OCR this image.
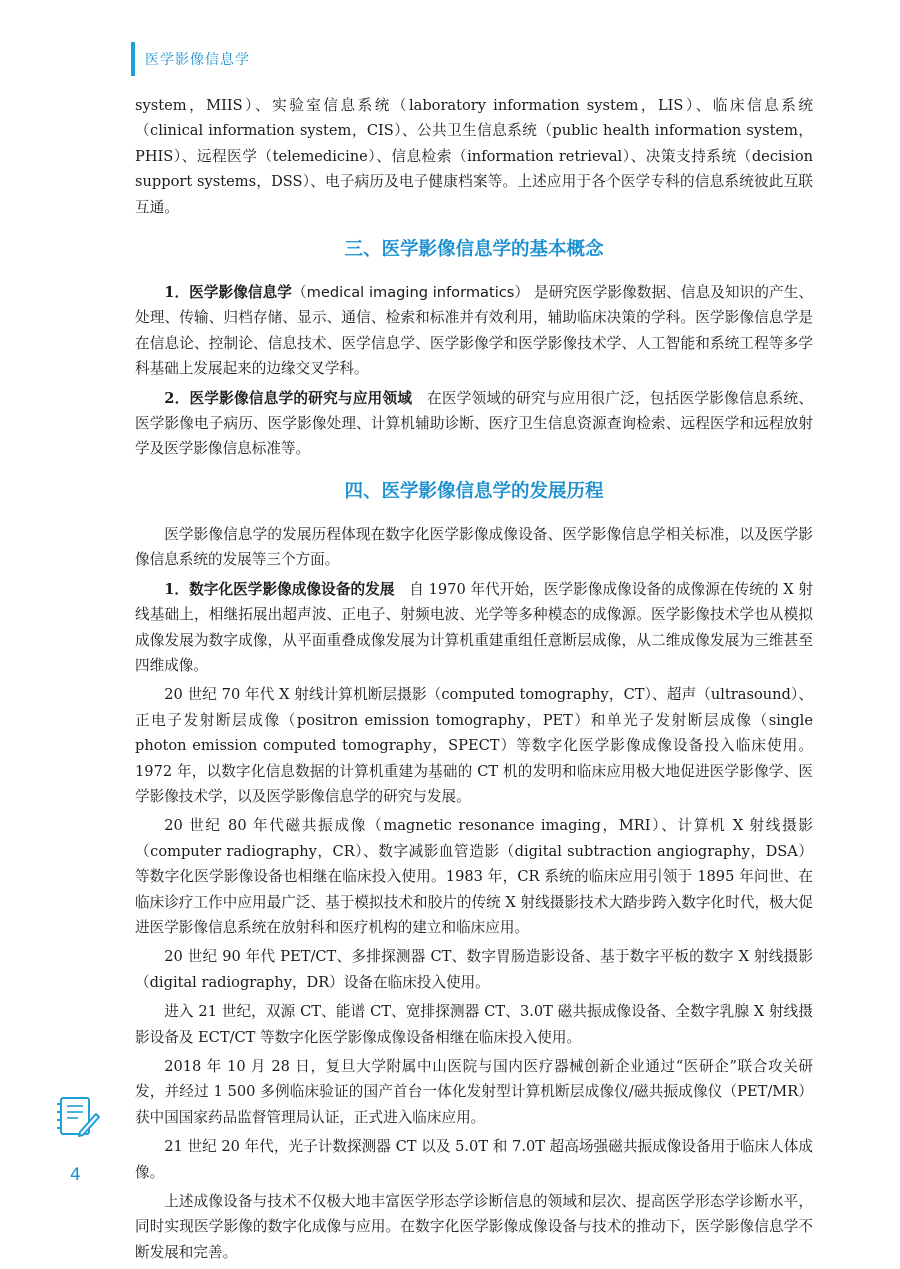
医学影像信息学

system，MIIS）、实验室信息系统（laboratory information system，LIS）、临床信息系统（clinical information system，CIS）、公共卫生信息系统（public health information system，PHIS）、远程医学（telemedicine）、信息检索（information retrieval）、决策支持系统（decision support systems，DSS）、电子病历及电子健康档案等。上述应用于各个医学专科的信息系统彼此互联互通。

三、医学影像信息学的基本概念

1．医学影像信息学（medical imaging informatics） 是研究医学影像数据、信息及知识的产生、处理、传输、归档存储、显示、通信、检索和标准并有效利用，辅助临床决策的学科。医学影像信息学是在信息论、控制论、信息技术、医学信息学、医学影像学和医学影像技术学、人工智能和系统工程等多学科基础上发展起来的边缘交叉学科。

2．医学影像信息学的研究与应用领域　 在医学领域的研究与应用很广泛，包括医学影像信息系统、医学影像电子病历、医学影像处理、计算机辅助诊断、医疗卫生信息资源查询检索、远程医学和远程放射学及医学影像信息标准等。

四、医学影像信息学的发展历程

医学影像信息学的发展历程体现在数字化医学影像成像设备、医学影像信息学相关标准，以及医学影像信息系统的发展等三个方面。

1．数字化医学影像成像设备的发展　 自 1970 年代开始，医学影像成像设备的成像源在传统的 X 射线基础上，相继拓展出超声波、正电子、射频电波、光学等多种模态的成像源。医学影像技术学也从模拟成像发展为数字成像，从平面重叠成像发展为计算机重建重组任意断层成像，从二维成像发展为三维甚至四维成像。

20 世纪 70 年代 X 射线计算机断层摄影（computed tomography，CT）、超声（ultrasound）、正电子发射断层成像（positron emission tomography，PET）和单光子发射断层成像（single photon emission computed tomography，SPECT）等数字化医学影像成像设备投入临床使用。1972 年，以数字化信息数据的计算机重建为基础的 CT 机的发明和临床应用极大地促进医学影像学、医学影像技术学，以及医学影像信息学的研究与发展。

20 世纪 80 年代磁共振成像（magnetic resonance imaging，MRI）、计算机 X 射线摄影（computer radiography，CR）、数字减影血管造影（digital subtraction angiography，DSA）等数字化医学影像设备也相继在临床投入使用。1983 年，CR 系统的临床应用引领于 1895 年问世、在临床诊疗工作中应用最广泛、基于模拟技术和胶片的传统 X 射线摄影技术大踏步跨入数字化时代，极大促进医学影像信息系统在放射科和医疗机构的建立和临床应用。

20 世纪 90 年代 PET/CT、多排探测器 CT、数字胃肠造影设备、基于数字平板的数字 X 射线摄影（digital radiography，DR）设备在临床投入使用。

进入 21 世纪，双源 CT、能谱 CT、宽排探测器 CT、3.0T 磁共振成像设备、全数字乳腺 X 射线摄影设备及 ECT/CT 等数字化医学影像成像设备相继在临床投入使用。

2018 年 10 月 28 日，复旦大学附属中山医院与国内医疗器械创新企业通过“医研企”联合攻关研发，并经过 1 500 多例临床验证的国产首台一体化发射型计算机断层成像仪/磁共振成像仪（PET/MR）获中国国家药品监督管理局认证，正式进入临床应用。

21 世纪 20 年代，光子计数探测器 CT 以及 5.0T 和 7.0T 超高场强磁共振成像设备用于临床人体成像。

上述成像设备与技术不仅极大地丰富医学形态学诊断信息的领域和层次、提高医学形态学诊断水平，同时实现医学影像的数字化成像与应用。在数字化医学影像成像设备与技术的推动下，医学影像信息学不断发展和完善。

4
